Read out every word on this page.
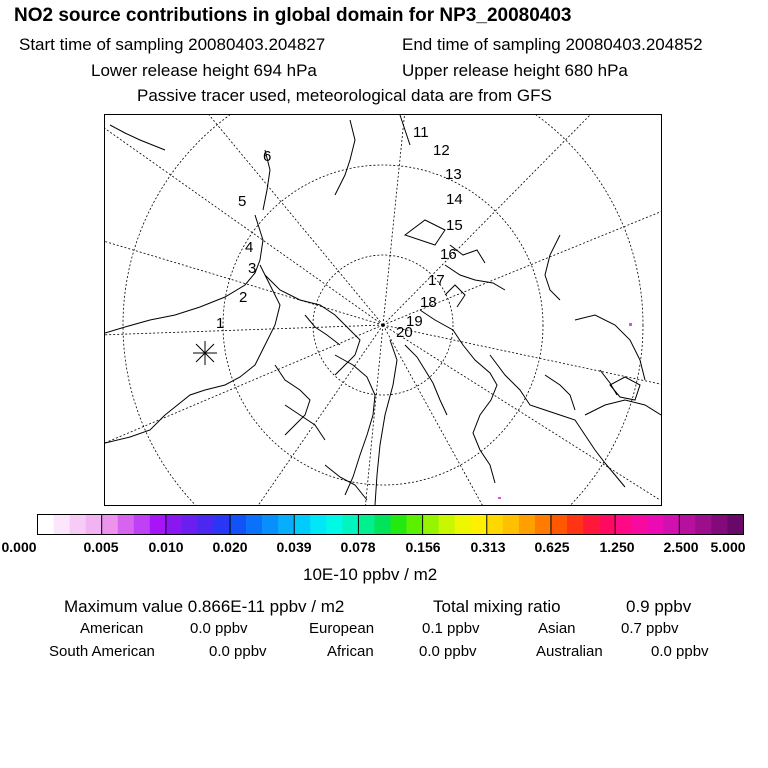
NO2 source contributions in global domain for NP3_20080403
Start time of sampling 20080403.204827	End time of sampling 20080403.204852
Lower release height 694 hPa	Upper release height 680 hPa
Passive tracer used, meteorological data are from GFS
1
2
3
4
5
6
11
12
13
14
15
16
17
18
19
20
0.000	0.005 0.010 0.020 0.039 0.078 0.156 0.313 0.625 1.250 2.500 5.000
10E-10 ppbv / m2
Maximum value 0.866E-11 ppbv / m2	Total mixing ratio	0.9 ppbv
American	0.0 ppbv	European	0.1 ppbv	Asian	0.7 ppbv
South American	0.0 ppbv	African	0.0 ppbv	Australian	0.0 ppbv
